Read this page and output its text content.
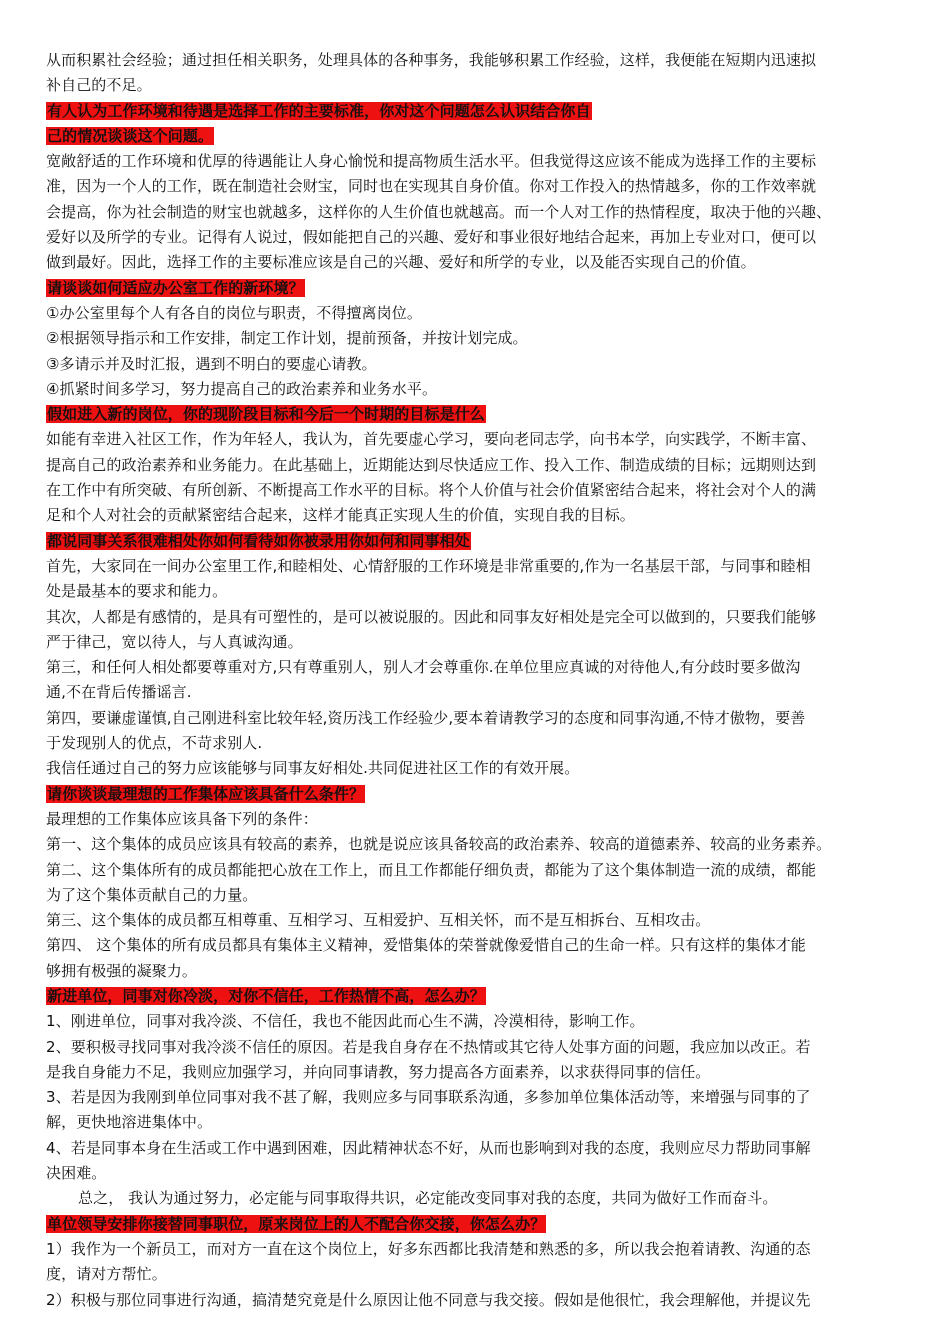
从而积累社会经验；通过担任相关职务，处理具体的各种事务，我能够积累工作经验，这样，我便能在短期内迅速拟
补自己的不足。
有人认为工作环境和待遇是选择工作的主要标准，你对这个问题怎么认识结合你自
己的情况谈谈这个问题。
宽敞舒适的工作环境和优厚的待遇能让人身心愉悦和提高物质生活水平。但我觉得这应该不能成为选择工作的主要标
准，因为一个人的工作，既在制造社会财宝，同时也在实现其自身价值。你对工作投入的热情越多，你的工作效率就
会提高，你为社会制造的财宝也就越多，这样你的人生价值也就越高。而一个人对工作的热情程度，取决于他的兴趣、
爱好以及所学的专业。记得有人说过，假如能把自己的兴趣、爱好和事业很好地结合起来，再加上专业对口，便可以
做到最好。因此，选择工作的主要标准应该是自己的兴趣、爱好和所学的专业，以及能否实现自己的价值。
请谈谈如何适应办公室工作的新环境？
①办公室里每个人有各自的岗位与职责，不得擅离岗位。
②根据领导指示和工作安排，制定工作计划，提前预备，并按计划完成。
③多请示并及时汇报，遇到不明白的要虚心请教。
④抓紧时间多学习，努力提高自己的政治素养和业务水平。
假如进入新的岗位，你的现阶段目标和今后一个时期的目标是什么
如能有幸进入社区工作，作为年轻人，我认为，首先要虚心学习，要向老同志学，向书本学，向实践学，不断丰富、
提高自己的政治素养和业务能力。在此基础上，近期能达到尽快适应工作、投入工作、制造成绩的目标；远期则达到
在工作中有所突破、有所创新、不断提高工作水平的目标。将个人价值与社会价值紧密结合起来，将社会对个人的满
足和个人对社会的贡献紧密结合起来，这样才能真正实现人生的价值，实现自我的目标。
都说同事关系很难相处你如何看待如你被录用你如何和同事相处
首先，大家同在一间办公室里工作,和睦相处、心情舒服的工作环境是非常重要的,作为一名基层干部，与同事和睦相
处是最基本的要求和能力。
其次，人都是有感情的，是具有可塑性的，是可以被说服的。因此和同事友好相处是完全可以做到的，只要我们能够
严于律己，宽以待人，与人真诚沟通。
第三，和任何人相处都要尊重对方,只有尊重别人，别人才会尊重你.在单位里应真诚的对待他人,有分歧时要多做沟
通,不在背后传播谣言.
第四，要谦虚谨慎,自己刚进科室比较年轻,资历浅工作经验少,要本着请教学习的态度和同事沟通,不恃才傲物，要善
于发现别人的优点，不苛求别人.
我信任通过自己的努力应该能够与同事友好相处.共同促进社区工作的有效开展。
请你谈谈最理想的工作集体应该具备什么条件？
最理想的工作集体应该具备下列的条件：
第一、这个集体的成员应该具有较高的素养，也就是说应该具备较高的政治素养、较高的道德素养、较高的业务素养。
第二、这个集体所有的成员都能把心放在工作上，而且工作都能仔细负责，都能为了这个集体制造一流的成绩，都能
为了这个集体贡献自己的力量。
第三、这个集体的成员都互相尊重、互相学习、互相爱护、互相关怀，而不是互相拆台、互相攻击。
第四、 这个集体的所有成员都具有集体主义精神，爱惜集体的荣誉就像爱惜自己的生命一样。只有这样的集体才能
够拥有极强的凝聚力。
新进单位，同事对你冷淡，对你不信任，工作热情不高，怎么办？
1、刚进单位，同事对我冷淡、不信任，我也不能因此而心生不满，冷漠相待，影响工作。
2、要积极寻找同事对我冷淡不信任的原因。若是我自身存在不热情或其它待人处事方面的问题，我应加以改正。若
是我自身能力不足，我则应加强学习，并向同事请教，努力提高各方面素养，以求获得同事的信任。
3、若是因为我刚到单位同事对我不甚了解，我则应多与同事联系沟通，多参加单位集体活动等，来增强与同事的了
解，更快地溶进集体中。
4、若是同事本身在生活或工作中遇到困难，因此精神状态不好，从而也影响到对我的态度，我则应尽力帮助同事解
决困难。
总之， 我认为通过努力，必定能与同事取得共识，必定能改变同事对我的态度，共同为做好工作而奋斗。
单位领导安排你接替同事职位，原来岗位上的人不配合你交接，你怎么办？
1）我作为一个新员工，而对方一直在这个岗位上，好多东西都比我清楚和熟悉的多，所以我会抱着请教、沟通的态
度，请对方帮忙。
2）积极与那位同事进行沟通，搞清楚究竟是什么原因让他不同意与我交接。假如是他很忙，我会理解他，并提议先
